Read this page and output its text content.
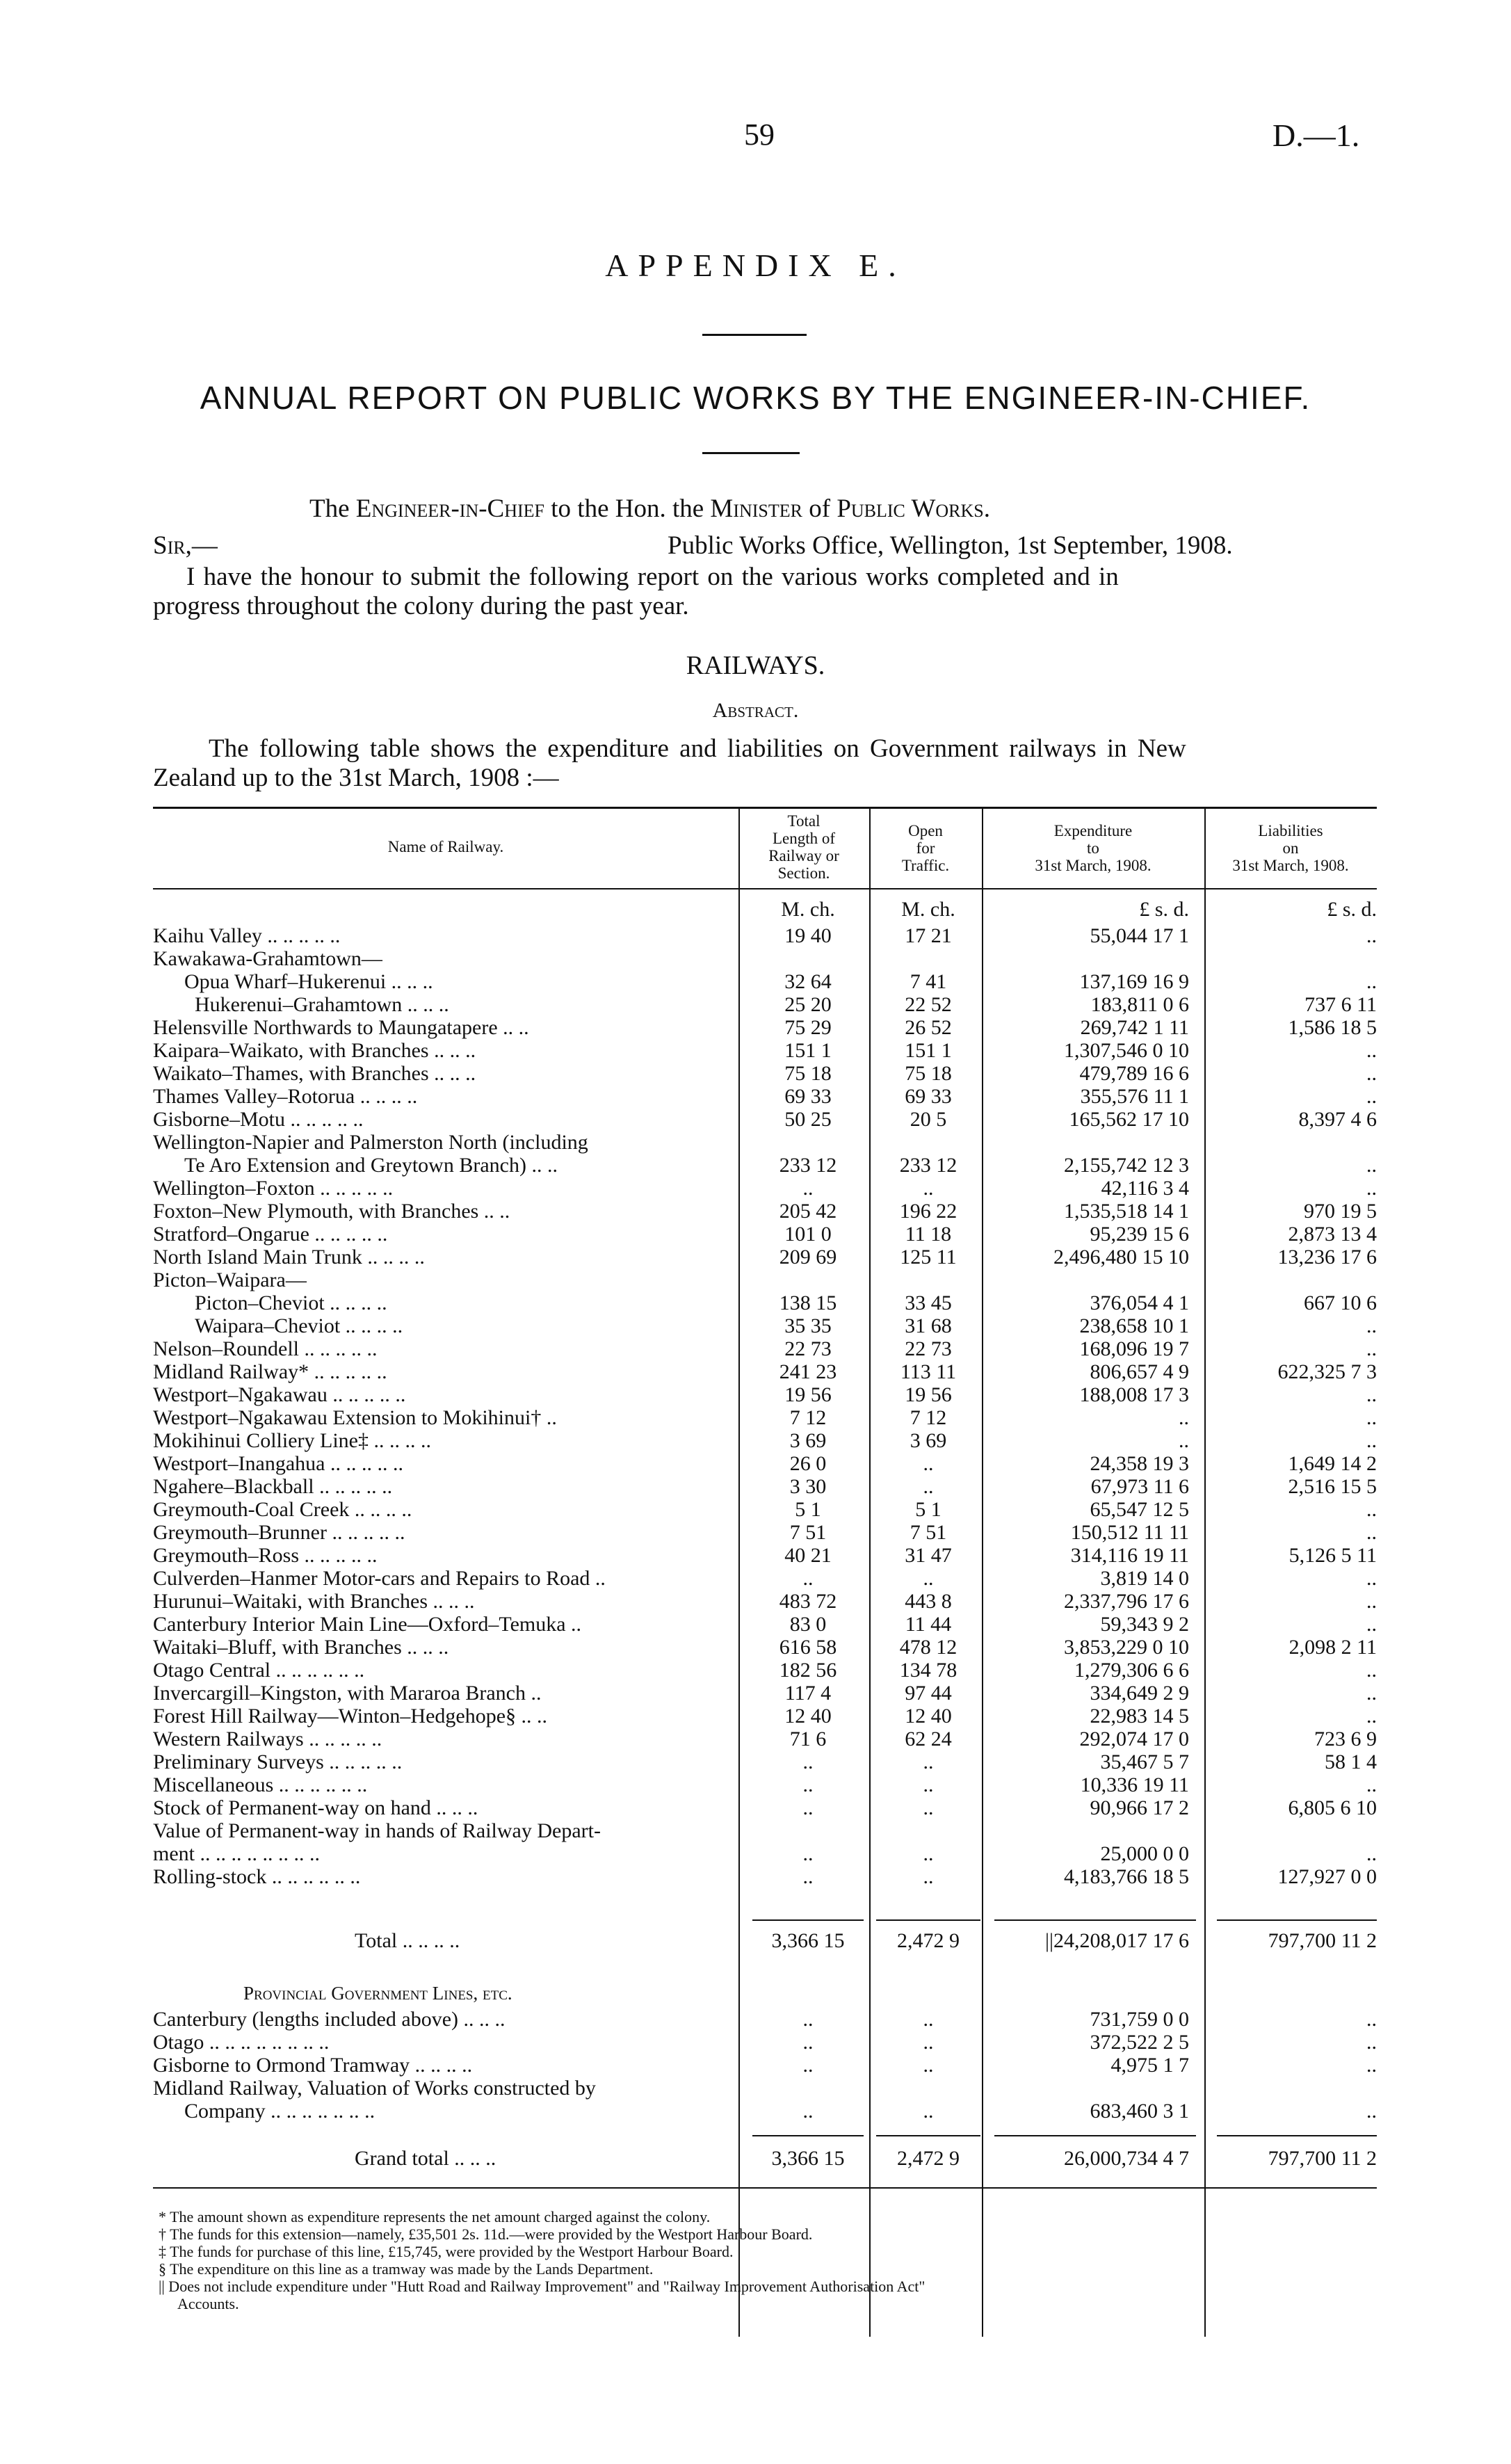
59	D.—1.
APPENDIX E.
ANNUAL REPORT ON PUBLIC WORKS BY THE ENGINEER-IN-CHIEF.
The Engineer-in-Chief to the Hon. the Minister of Public Works.
Sir,—	Public Works Office, Wellington, 1st September, 1908.
I have the honour to submit the following report on the various works completed and in
progress throughout the colony during the past year.
RAILWAYS.
Abstract.
The following table shows the expenditure and liabilities on Government railways in New
Zealand up to the 31st March, 1908 :—
Name of Railway.
Total
Length of
Railway or
Section.
Open
for
Traffic.
Expenditure
to
31st March, 1908.
Liabilities
on
31st March, 1908.
M. ch.	M. ch.	£ s. d.	£ s. d.
Kaihu Valley .. .. .. .. ..	19 40	17 21	55,044 17 1	..
Kawakawa-Grahamtown—
Opua Wharf–Hukerenui .. .. ..	32 64	7 41	137,169 16 9	..
Hukerenui–Grahamtown .. .. ..	25 20	22 52	183,811 0 6	737 6 11
Helensville Northwards to Maungatapere .. ..	75 29	26 52	269,742 1 11	1,586 18 5
Kaipara–Waikato, with Branches .. .. ..	151 1	151 1	1,307,546 0 10	..
Waikato–Thames, with Branches .. .. ..	75 18	75 18	479,789 16 6	..
Thames Valley–Rotorua .. .. .. ..	69 33	69 33	355,576 11 1	..
Gisborne–Motu .. .. .. .. ..	50 25	20 5	165,562 17 10	8,397 4 6
Wellington-Napier and Palmerston North (including
Te Aro Extension and Greytown Branch) .. ..	233 12	233 12	2,155,742 12 3	..
Wellington–Foxton .. .. .. .. ..	..	..	42,116 3 4	..
Foxton–New Plymouth, with Branches .. ..	205 42	196 22	1,535,518 14 1	970 19 5
Stratford–Ongarue .. .. .. .. ..	101 0	11 18	95,239 15 6	2,873 13 4
North Island Main Trunk .. .. .. ..	209 69	125 11	2,496,480 15 10	13,236 17 6
Picton–Waipara—
Picton–Cheviot .. .. .. ..	138 15	33 45	376,054 4 1	667 10 6
Waipara–Cheviot .. .. .. ..	35 35	31 68	238,658 10 1	..
Nelson–Roundell .. .. .. .. ..	22 73	22 73	168,096 19 7	..
Midland Railway* .. .. .. .. ..	241 23	113 11	806,657 4 9	622,325 7 3
Westport–Ngakawau .. .. .. .. ..	19 56	19 56	188,008 17 3	..
Westport–Ngakawau Extension to Mokihinui† ..	7 12	7 12	..	..
Mokihinui Colliery Line‡ .. .. .. ..	3 69	3 69	..	..
Westport–Inangahua .. .. .. .. ..	26 0	..	24,358 19 3	1,649 14 2
Ngahere–Blackball .. .. .. .. ..	3 30	..	67,973 11 6	2,516 15 5
Greymouth-Coal Creek .. .. .. ..	5 1	5 1	65,547 12 5	..
Greymouth–Brunner .. .. .. .. ..	7 51	7 51	150,512 11 11	..
Greymouth–Ross .. .. .. .. ..	40 21	31 47	314,116 19 11	5,126 5 11
Culverden–Hanmer Motor-cars and Repairs to Road ..	..	..	3,819 14 0	..
Hurunui–Waitaki, with Branches .. .. ..	483 72	443 8	2,337,796 17 6	..
Canterbury Interior Main Line—Oxford–Temuka ..	83 0	11 44	59,343 9 2	..
Waitaki–Bluff, with Branches .. .. ..	616 58	478 12	3,853,229 0 10	2,098 2 11
Otago Central .. .. .. .. .. ..	182 56	134 78	1,279,306 6 6	..
Invercargill–Kingston, with Mararoa Branch ..	117 4	97 44	334,649 2 9	..
Forest Hill Railway—Winton–Hedgehope§ .. ..	12 40	12 40	22,983 14 5	..
Western Railways .. .. .. .. ..	71 6	62 24	292,074 17 0	723 6 9
Preliminary Surveys .. .. .. .. ..	..	..	35,467 5 7	58 1 4
Miscellaneous .. .. .. .. .. ..	..	..	10,336 19 11	..
Stock of Permanent-way on hand .. .. ..	..	..	90,966 17 2	6,805 6 10
Value of Permanent-way in hands of Railway Depart-
ment .. .. .. .. .. .. .. ..	..	..	25,000 0 0	..
Rolling-stock .. .. .. .. .. ..	..	..	4,183,766 18 5	127,927 0 0
Total .. .. .. ..	3,366 15	2,472 9	||24,208,017 17 6	797,700 11 2
Provincial Government Lines, etc.
Canterbury (lengths included above) .. .. ..	..	..	731,759 0 0	..
Otago .. .. .. .. .. .. .. ..	..	..	372,522 2 5	..
Gisborne to Ormond Tramway .. .. .. ..	..	..	4,975 1 7	..
Midland Railway, Valuation of Works constructed by
Company .. .. .. .. .. .. ..	..	..	683,460 3 1	..
Grand total .. .. ..	3,366 15	2,472 9	26,000,734 4 7	797,700 11 2
* The amount shown as expenditure represents the net amount charged against the colony.
† The funds for this extension—namely, £35,501 2s. 11d.—were provided by the Westport Harbour Board.
‡ The funds for purchase of this line, £15,745, were provided by the Westport Harbour Board.
§ The expenditure on this line as a tramway was made by the Lands Department.
|| Does not include expenditure under "Hutt Road and Railway Improvement" and "Railway Improvement Authorisation Act"
Accounts.
